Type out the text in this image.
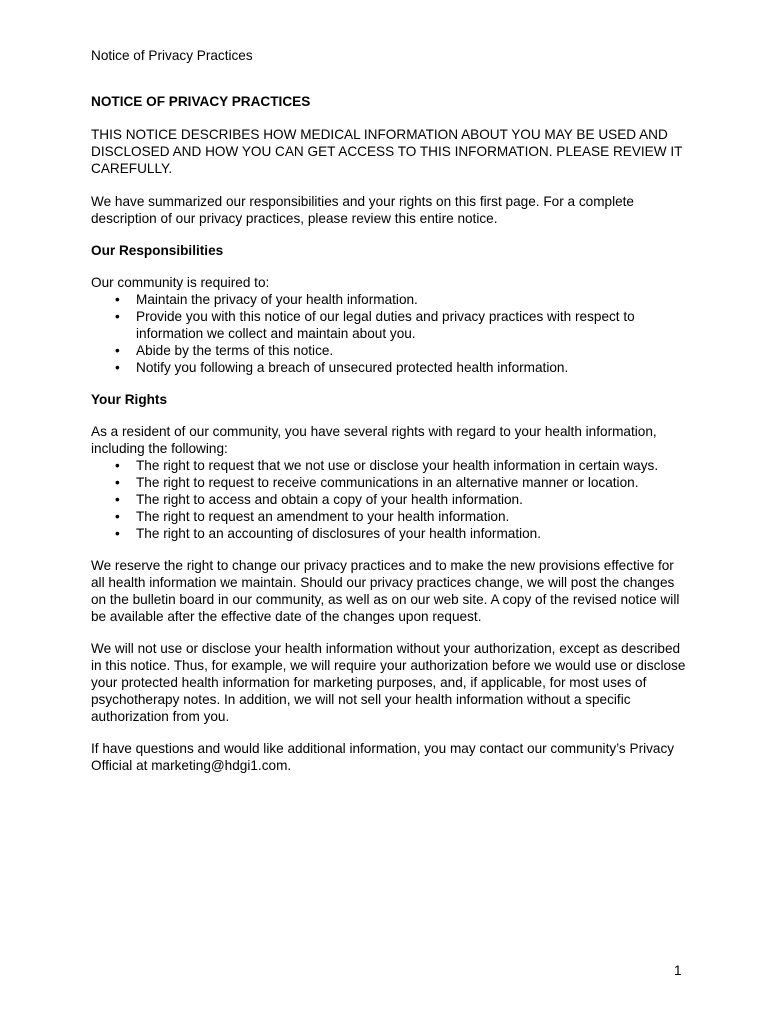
Notice of Privacy Practices

NOTICE OF PRIVACY PRACTICES

THIS NOTICE DESCRIBES HOW MEDICAL INFORMATION ABOUT YOU MAY BE USED AND DISCLOSED AND HOW YOU CAN GET ACCESS TO THIS INFORMATION. PLEASE REVIEW IT CAREFULLY.

We have summarized our responsibilities and your rights on this first page. For a complete description of our privacy practices, please review this entire notice.

Our Responsibilities

Our community is required to:

• Maintain the privacy of your health information.
• Provide you with this notice of our legal duties and privacy practices with respect to information we collect and maintain about you.
• Abide by the terms of this notice.
• Notify you following a breach of unsecured protected health information.
Your Rights

As a resident of our community, you have several rights with regard to your health information, including the following:

• The right to request that we not use or disclose your health information in certain ways.
• The right to request to receive communications in an alternative manner or location.
• The right to access and obtain a copy of your health information.
• The right to request an amendment to your health information.
• The right to an accounting of disclosures of your health information.

We reserve the right to change our privacy practices and to make the new provisions effective for all health information we maintain. Should our privacy practices change, we will post the changes on the bulletin board in our community, as well as on our web site. A copy of the revised notice will be available after the effective date of the changes upon request.

We will not use or disclose your health information without your authorization, except as described in this notice. Thus, for example, we will require your authorization before we would use or disclose your protected health information for marketing purposes, and, if applicable, for most uses of psychotherapy notes. In addition, we will not sell your health information without a specific authorization from you.

If have questions and would like additional information, you may contact our community’s Privacy Official at marketing@hdgi1.com.

1
